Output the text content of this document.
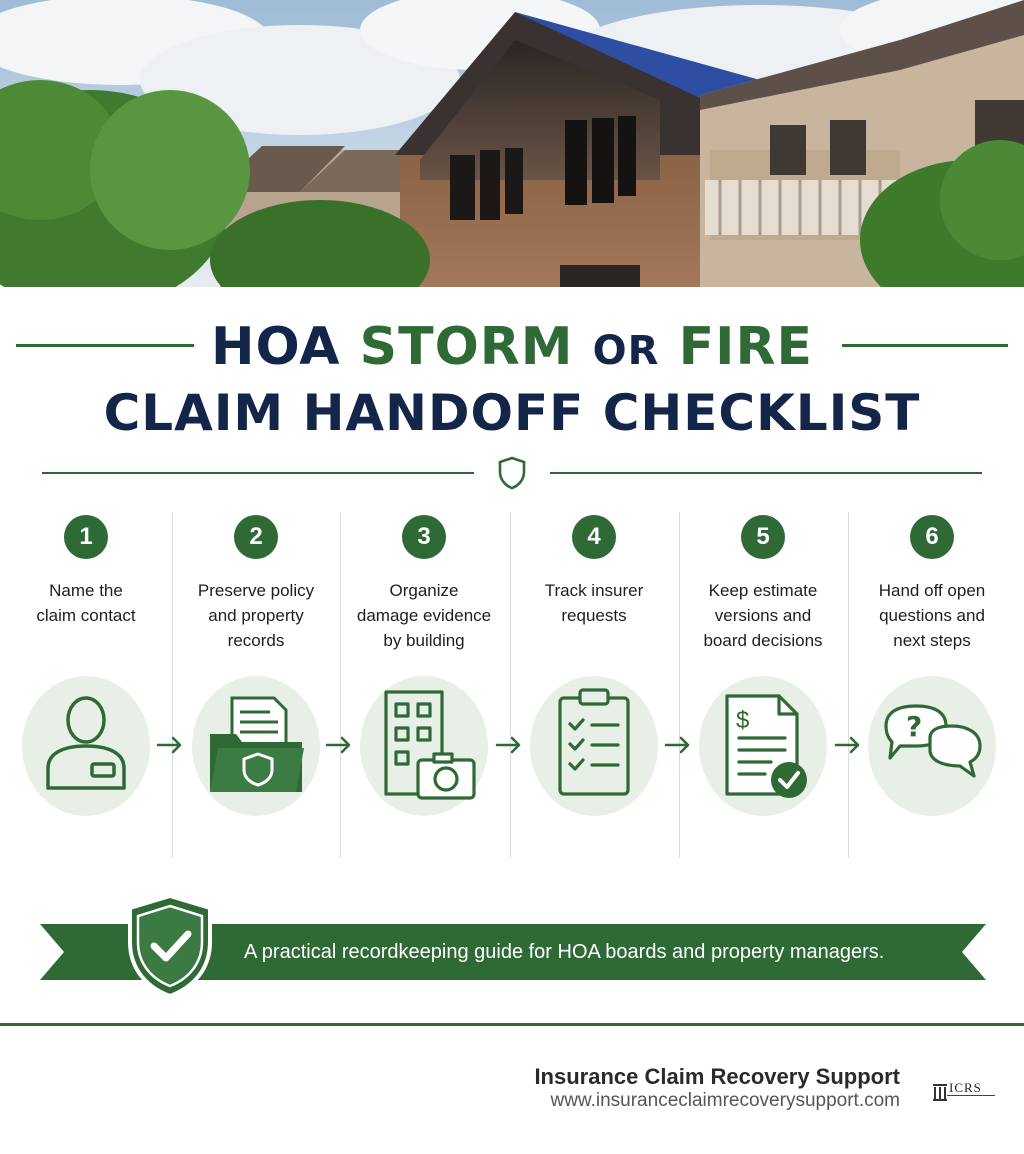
HOA STORM OR FIRE
CLAIM HANDOFF CHECKLIST
1
Name the
claim contact
2
Preserve policy
and property
records
3
Organize
damage evidence
by building
4
Track insurer
requests
5
Keep estimate
versions and
board decisions
$
6
Hand off open
questions and
next steps
?
A practical recordkeeping guide for HOA boards and property managers.
Insurance Claim Recovery Support
www.insuranceclaimrecoverysupport.com
ICRS
